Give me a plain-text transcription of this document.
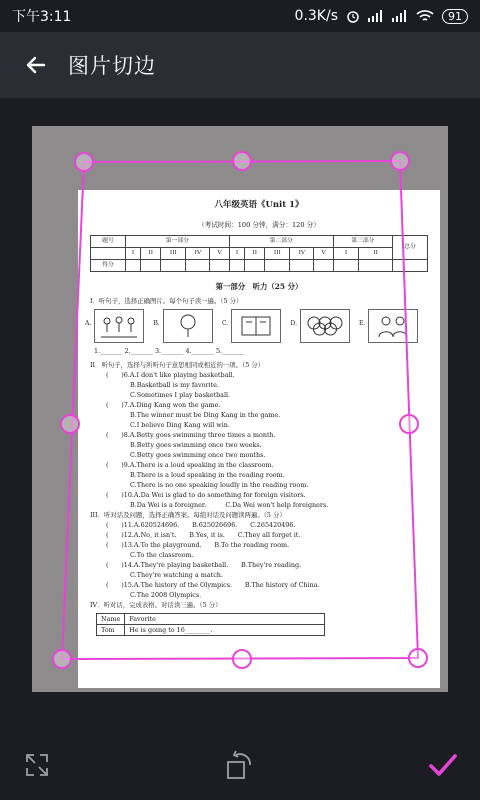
下午3:11	0.3K/s	91
图片切边
八年级英语《Unit 1》
（考试时间：100 分钟，满分：120 分）
题号	第一部分					第二部分					第三部分		总分
	I	II	III	IV	V	I	II	III	IV	V	I	II	
得分													
第一部分　听力（25 分）
I．听句子，选择正确图片。每个句子读一遍。（5 分）
A.	B.	C.	D.	E.
1._______ 2._______ 3._______ 4._______ 5._______
II．听句子，选择与所听句子意思相同或相近的一项。（5 分）
(　　)6.A.I don't like playing basketball.
B.Basketball is my favorite.
C.Sometimes I play basketball.
(　　)7.A.Ding Kang won the game.
B.The winner must be Ding Kang in the game.
C.I believe Ding Kang will win.
(　　)8.A.Betty goes swimming three times a month.
B.Betty goes swimming once two weeks.
C.Betty goes swimming once two months.
(　　)9.A.There is a loud speaking in the classroom.
B.There is a loud speaking in the reading room.
C.There is no one speaking loudly in the reading room.
(　　)10.A.Da Wei is glad to do something for foreign visitors.
B.Da Wei is a foreigner.　　　C.Da Wei won't help foreigners.
III．听对话及问题，选择正确答案。每组对话及问题读两遍。（5 分）
(　　)11.A.620524696.　　B.625026696.　　C.265420496.
(　　)12.A.No, it isn't.　　B.Yes, it is.　　C.They all forget it.
(　　)13.A.To the playground.　　B.To the reading room.
C.To the classroom.
(　　)14.A.They're playing basketball.　　B.They're reading.
C.They're watching a match.
(　　)15.A.The history of the Olympics.　　B.The history of China.
C.The 2008 Olympics.
IV．听对话，完成表格。对话读三遍。（5 分）
Name	Favorite
Tom	He is going to 16________.
